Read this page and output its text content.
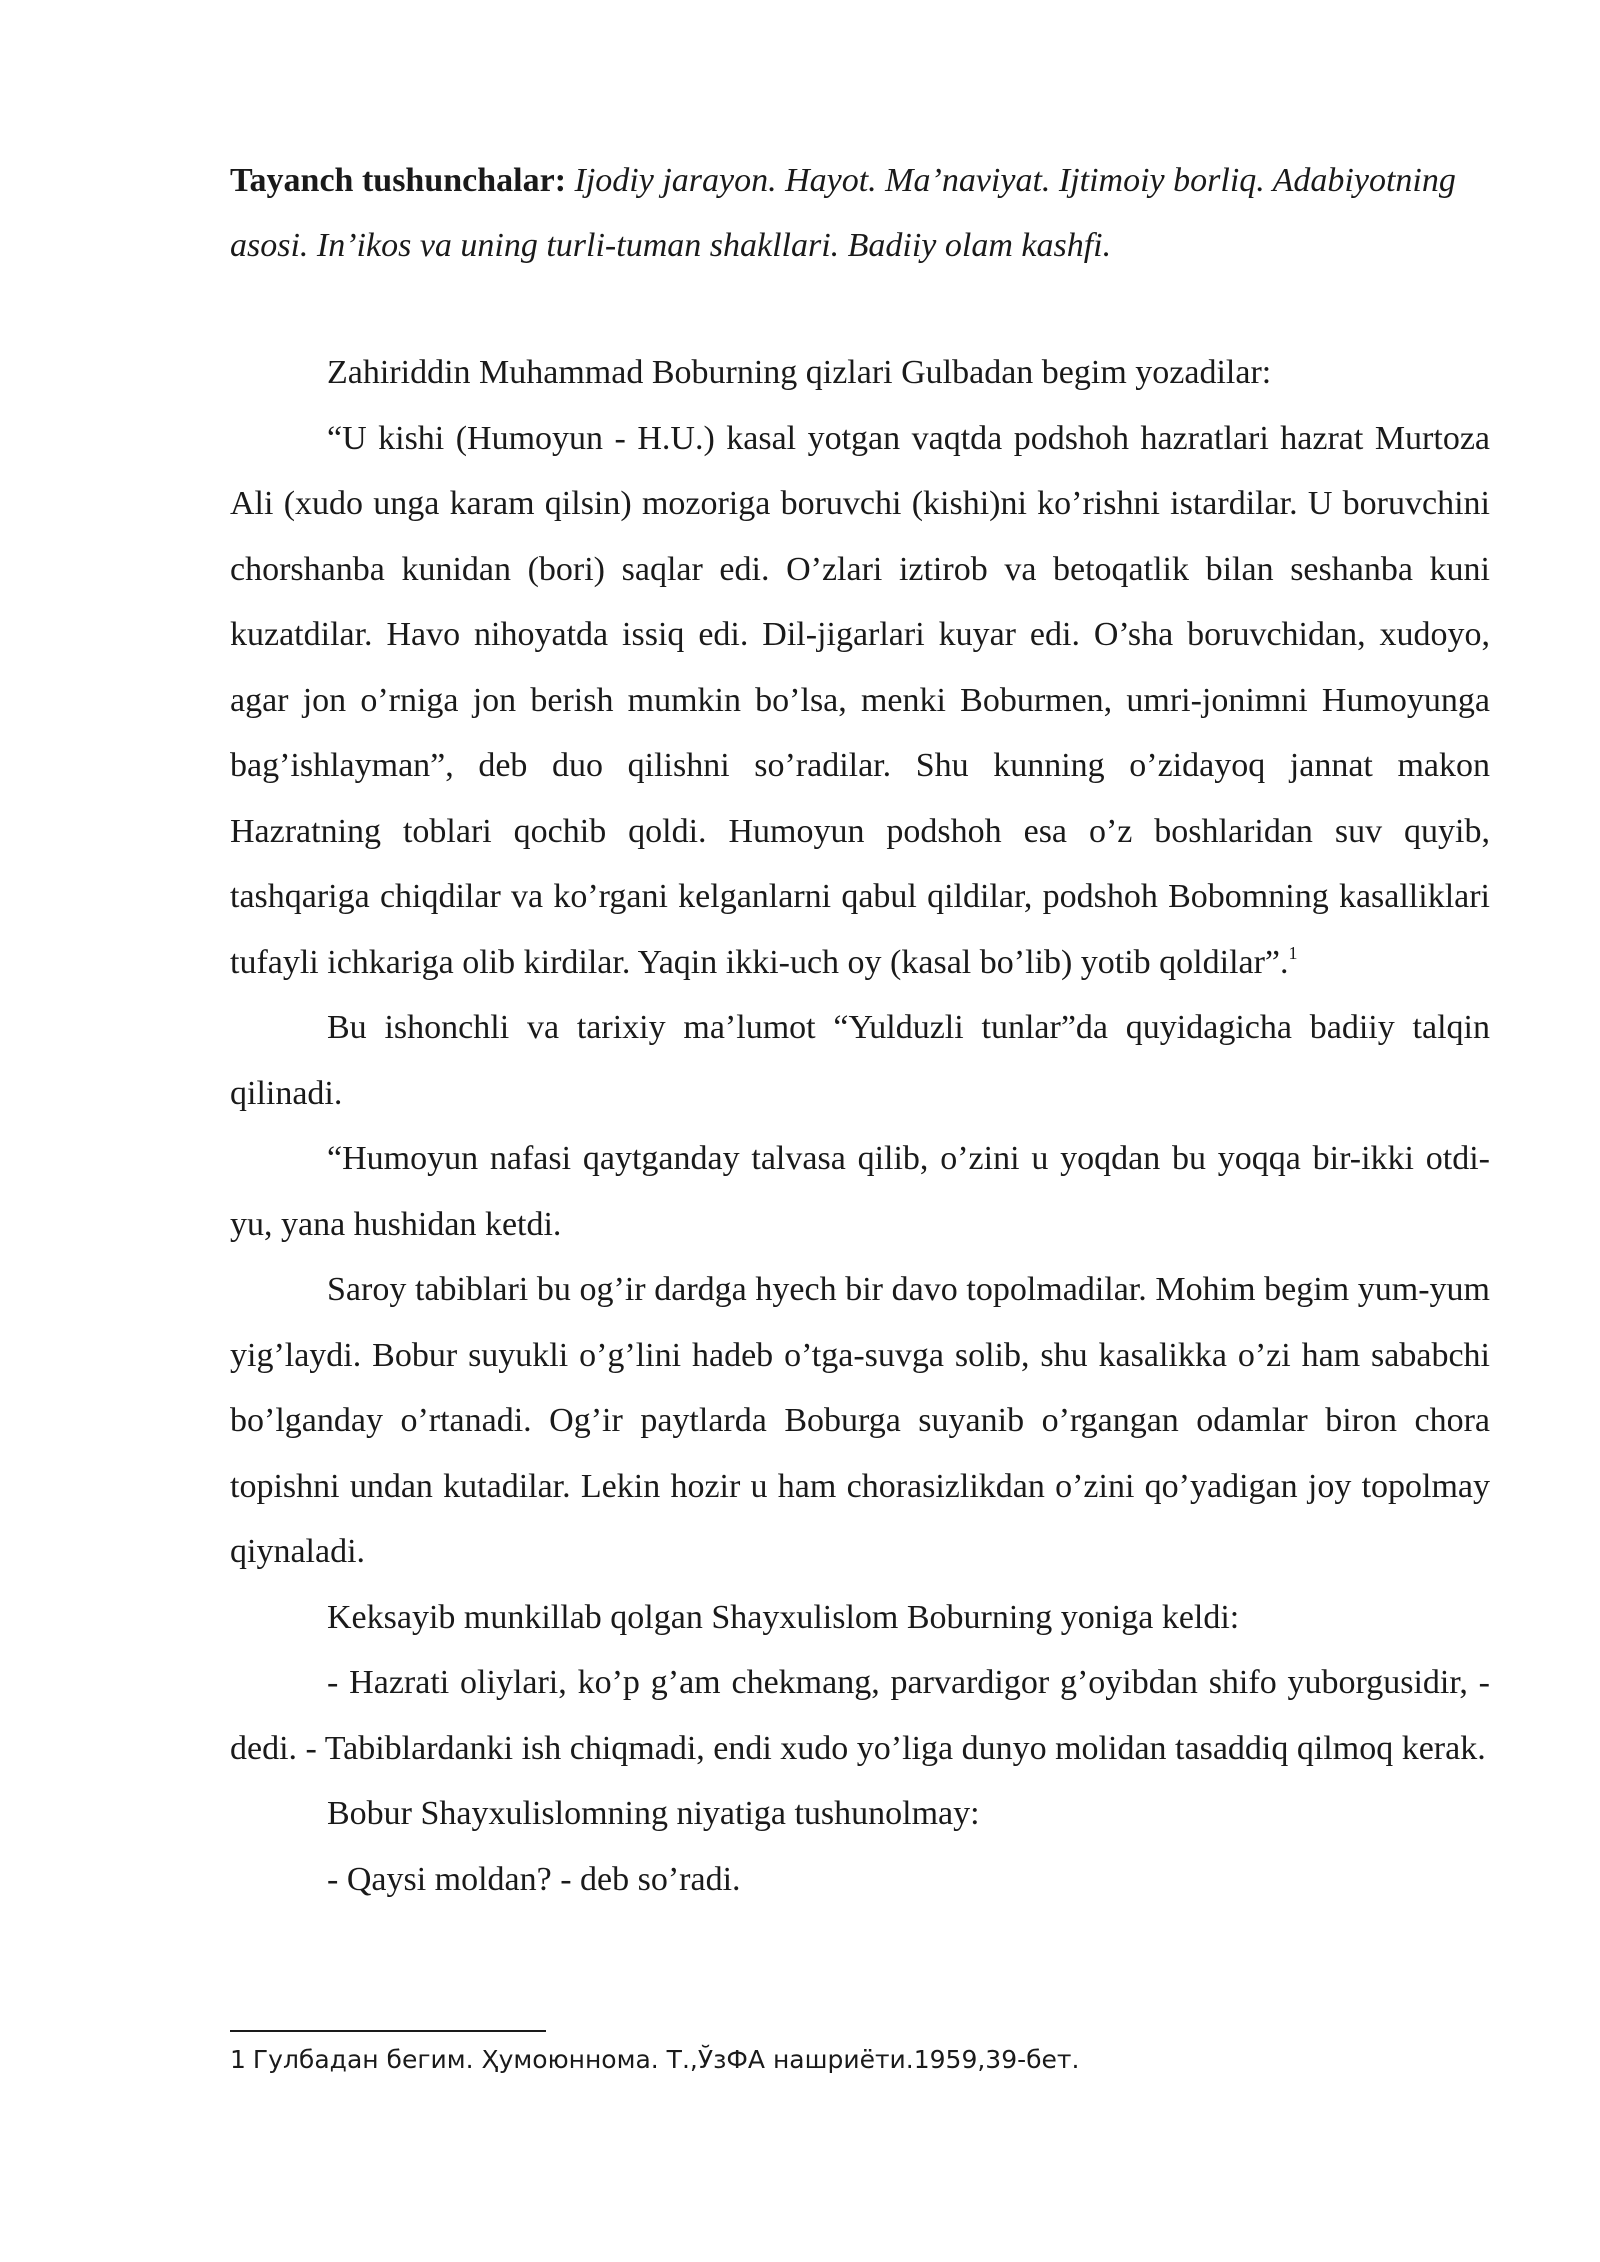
Tayanch tushunchalar: Ijodiy jarayon. Hayot. Ma’naviyat. Ijtimoiy borliq. Adabiyotning asosi. In’ikos va uning turli-tuman shakllari. Badiiy olam kashfi.

Zahiriddin Muhammad Boburning qizlari Gulbadan begim yozadilar:

“U kishi (Humoyun - H.U.) kasal yotgan vaqtda podshoh hazratlari hazrat Murtoza Ali (xudo unga karam qilsin) mozoriga boruvchi (kishi)ni ko’rishni istardilar. U boruvchini chorshanba kunidan (bori) saqlar edi. O’zlari iztirob va betoqatlik bilan seshanba kuni kuzatdilar. Havo nihoyatda issiq edi. Dil-jigarlari kuyar edi. O’sha boruvchidan, xudoyo, agar jon o’rniga jon berish mumkin bo’lsa, menki Boburmen, umri-jonimni Humoyunga bag’ishlayman”, deb duo qilishni so’radilar. Shu kunning o’zidayoq jannat makon Hazratning toblari qochib qoldi. Humoyun podshoh esa o’z boshlaridan suv quyib, tashqariga chiqdilar va ko’rgani kelganlarni qabul qildilar, podshoh Bobomning kasalliklari tufayli ichkariga olib kirdilar. Yaqin ikki-uch oy (kasal bo’lib) yotib qoldilar”.$^1$

Bu ishonchli va tarixiy ma’lumot “Yulduzli tunlar”da quyidagicha badiiy talqin qilinadi.

“Humoyun nafasi qaytganday talvasa qilib, o’zini u yoqdan bu yoqqa bir-ikki otdi-yu, yana hushidan ketdi.

Saroy tabiblari bu og’ir dardga hyech bir davo topolmadilar. Mohim begim yum-yum yig’laydi. Bobur suyukli o’g’lini hadeb o’tga-suvga solib, shu kasalikka o’zi ham sababchi bo’lganday o’rtanadi. Og’ir paytlarda Boburga suyanib o’rgangan odamlar biron chora topishni undan kutadilar. Lekin hozir u ham chorasizlikdan o’zini qo’yadigan joy topolmay qiynaladi.

Keksayib munkillab qolgan Shayxulislom Boburning yoniga keldi:

- Hazrati oliylari, ko’p g’am chekmang, parvardigor g’oyibdan shifo yuborgusidir, - dedi. - Tabiblardanki ish chiqmadi, endi xudo yo’liga dunyo molidan tasaddiq qilmoq kerak.

Bobur Shayxulislomning niyatiga tushunolmay:

- Qaysi moldan? - deb so’radi.

1 Гулбадан бегим. Ҳумоюннома. Т.,ЎзФА нашриёти.1959,39-бет.
